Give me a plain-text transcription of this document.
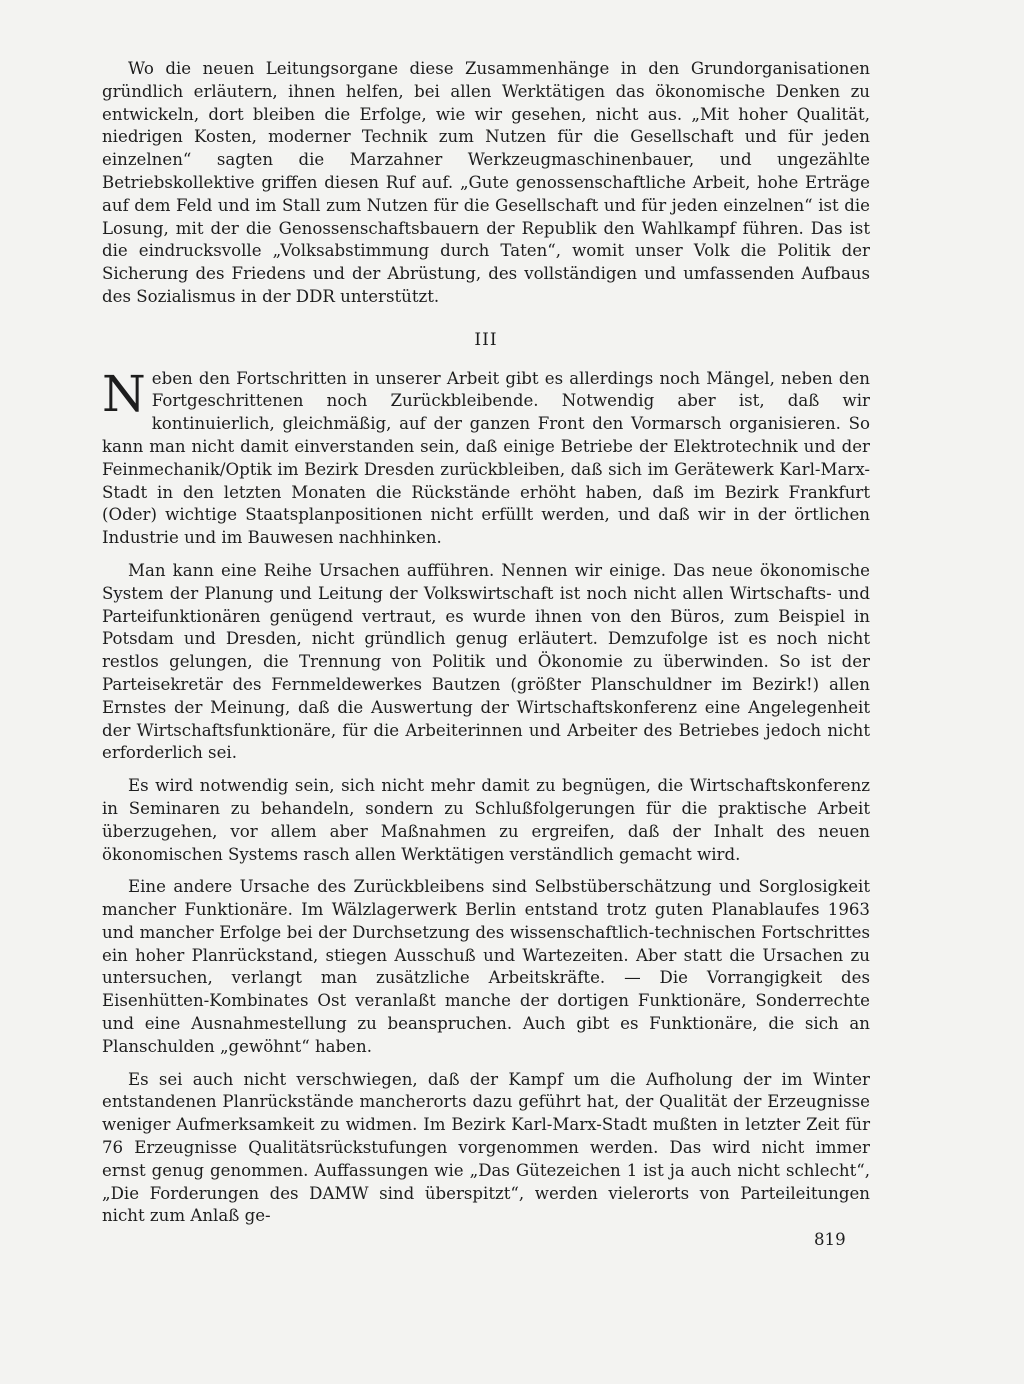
Wo die neuen Leitungsorgane diese Zusammenhänge in den Grundorganisationen gründlich erläutern, ihnen helfen, bei allen Werktätigen das ökonomische Denken zu entwickeln, dort bleiben die Erfolge, wie wir gesehen, nicht aus. „Mit hoher Qualität, niedrigen Kosten, moderner Technik zum Nutzen für die Gesellschaft und für jeden einzelnen“ sagten die Marzahner Werkzeugmaschinenbauer, und ungezählte Betriebskollektive griffen diesen Ruf auf. „Gute genossenschaftliche Arbeit, hohe Erträge auf dem Feld und im Stall zum Nutzen für die Gesellschaft und für jeden einzelnen“ ist die Losung, mit der die Genossenschaftsbauern der Republik den Wahlkampf führen. Das ist die eindrucksvolle „Volksabstimmung durch Taten“, womit unser Volk die Politik der Sicherung des Friedens und der Abrüstung, des vollständigen und umfassenden Aufbaus des Sozialismus in der DDR unterstützt.

III

Neben den Fortschritten in unserer Arbeit gibt es allerdings noch Mängel, neben den Fortgeschrittenen noch Zurückbleibende. Notwendig aber ist, daß wir kontinuierlich, gleichmäßig, auf der ganzen Front den Vormarsch organisieren. So kann man nicht damit einverstanden sein, daß einige Betriebe der Elektrotechnik und der Feinmechanik/Optik im Bezirk Dresden zurückbleiben, daß sich im Gerätewerk Karl-Marx-Stadt in den letzten Monaten die Rückstände erhöht haben, daß im Bezirk Frankfurt (Oder) wichtige Staatsplanpositionen nicht erfüllt werden, und daß wir in der örtlichen Industrie und im Bauwesen nachhinken.

Man kann eine Reihe Ursachen aufführen. Nennen wir einige. Das neue ökonomische System der Planung und Leitung der Volkswirtschaft ist noch nicht allen Wirtschafts- und Parteifunktionären genügend vertraut, es wurde ihnen von den Büros, zum Beispiel in Potsdam und Dresden, nicht gründlich genug erläutert. Demzufolge ist es noch nicht restlos gelungen, die Trennung von Politik und Ökonomie zu überwinden. So ist der Parteisekretär des Fernmeldewerkes Bautzen (größter Planschuldner im Bezirk!) allen Ernstes der Meinung, daß die Auswertung der Wirtschaftskonferenz eine Angelegenheit der Wirtschaftsfunktionäre, für die Arbeiterinnen und Arbeiter des Betriebes jedoch nicht erforderlich sei.

Es wird notwendig sein, sich nicht mehr damit zu begnügen, die Wirtschaftskonferenz in Seminaren zu behandeln, sondern zu Schlußfolgerungen für die praktische Arbeit überzugehen, vor allem aber Maßnahmen zu ergreifen, daß der Inhalt des neuen ökonomischen Systems rasch allen Werktätigen verständlich gemacht wird.

Eine andere Ursache des Zurückbleibens sind Selbstüberschätzung und Sorglosigkeit mancher Funktionäre. Im Wälzlagerwerk Berlin entstand trotz guten Planablaufes 1963 und mancher Erfolge bei der Durchsetzung des wissenschaftlich-technischen Fortschrittes ein hoher Planrückstand, stiegen Ausschuß und Wartezeiten. Aber statt die Ursachen zu untersuchen, verlangt man zusätzliche Arbeitskräfte. — Die Vorrangigkeit des Eisenhütten-Kombinates Ost veranlaßt manche der dortigen Funktionäre, Sonderrechte und eine Ausnahmestellung zu beanspruchen. Auch gibt es Funktionäre, die sich an Planschulden „gewöhnt“ haben.

Es sei auch nicht verschwiegen, daß der Kampf um die Aufholung der im Winter entstandenen Planrückstände mancherorts dazu geführt hat, der Qualität der Erzeugnisse weniger Aufmerksamkeit zu widmen. Im Bezirk Karl-Marx-Stadt mußten in letzter Zeit für 76 Erzeugnisse Qualitätsrückstufungen vorgenommen werden. Das wird nicht immer ernst genug genommen. Auffassungen wie „Das Gütezeichen 1 ist ja auch nicht schlecht“, „Die Forderungen des DAMW sind überspitzt“, werden vielerorts von Parteileitungen nicht zum Anlaß ge-

819
